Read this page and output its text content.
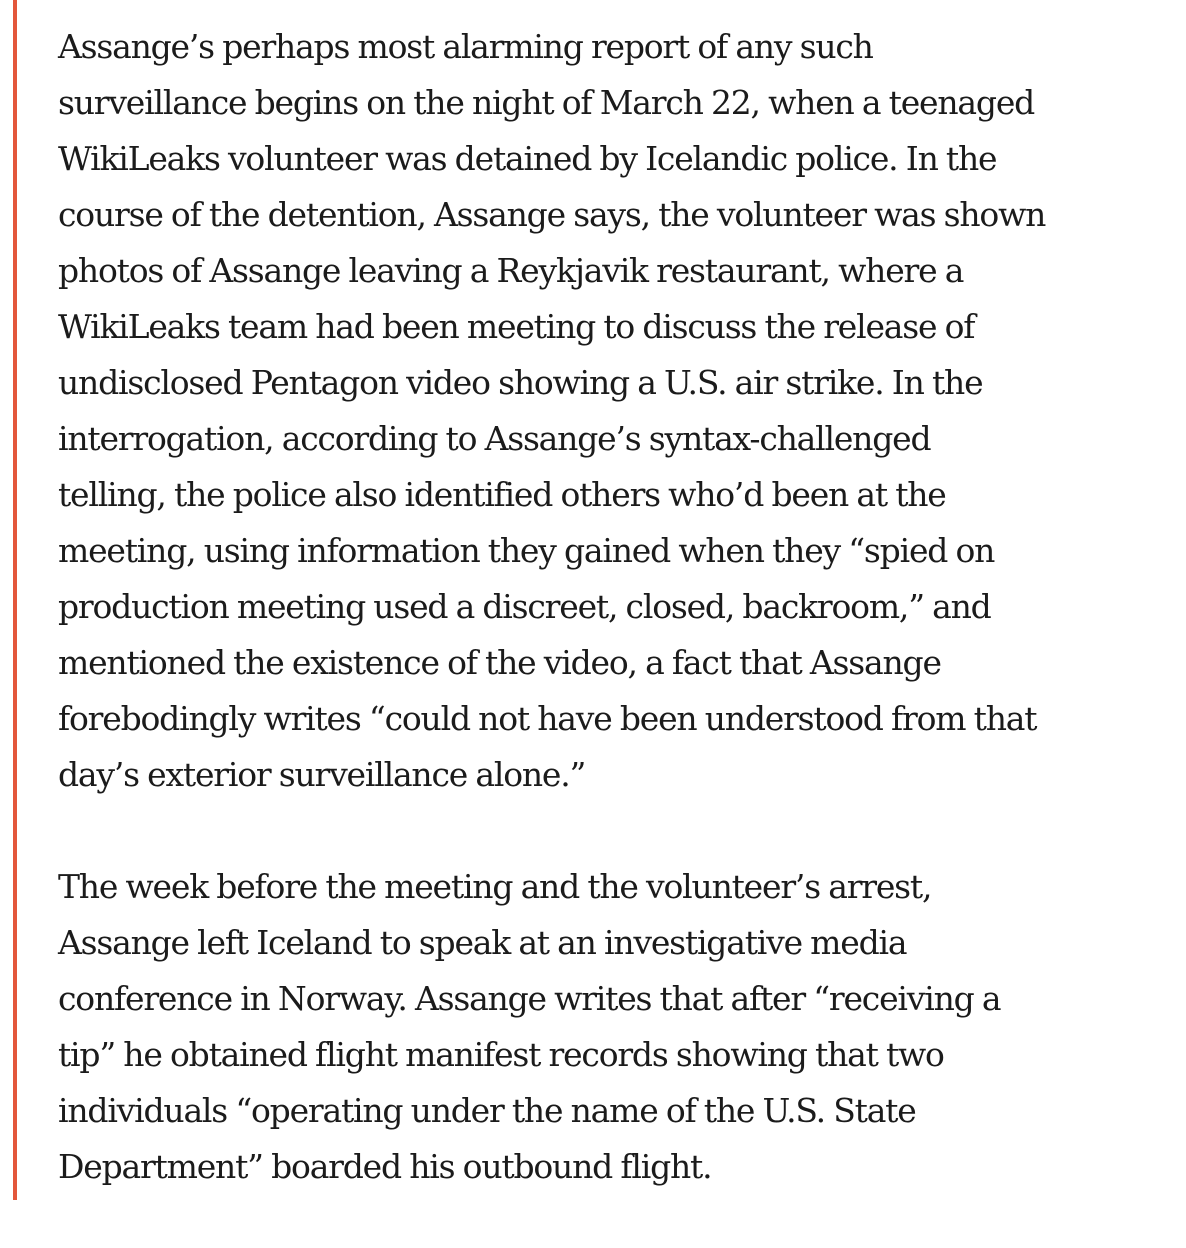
Assange’s perhaps most alarming report of any such
surveillance begins on the night of March 22, when a teenaged
WikiLeaks volunteer was detained by Icelandic police. In the
course of the detention, Assange says, the volunteer was shown
photos of Assange leaving a Reykjavik restaurant, where a
WikiLeaks team had been meeting to discuss the release of
undisclosed Pentagon video showing a U.S. air strike. In the
interrogation, according to Assange’s syntax-challenged
telling, the police also identified others who’d been at the
meeting, using information they gained when they “spied on
production meeting used a discreet, closed, backroom,” and
mentioned the existence of the video, a fact that Assange
forebodingly writes “could not have been understood from that
day’s exterior surveillance alone.”

The week before the meeting and the volunteer’s arrest,
Assange left Iceland to speak at an investigative media
conference in Norway. Assange writes that after “receiving a
tip” he obtained flight manifest records showing that two
individuals “operating under the name of the U.S. State
Department” boarded his outbound flight.
